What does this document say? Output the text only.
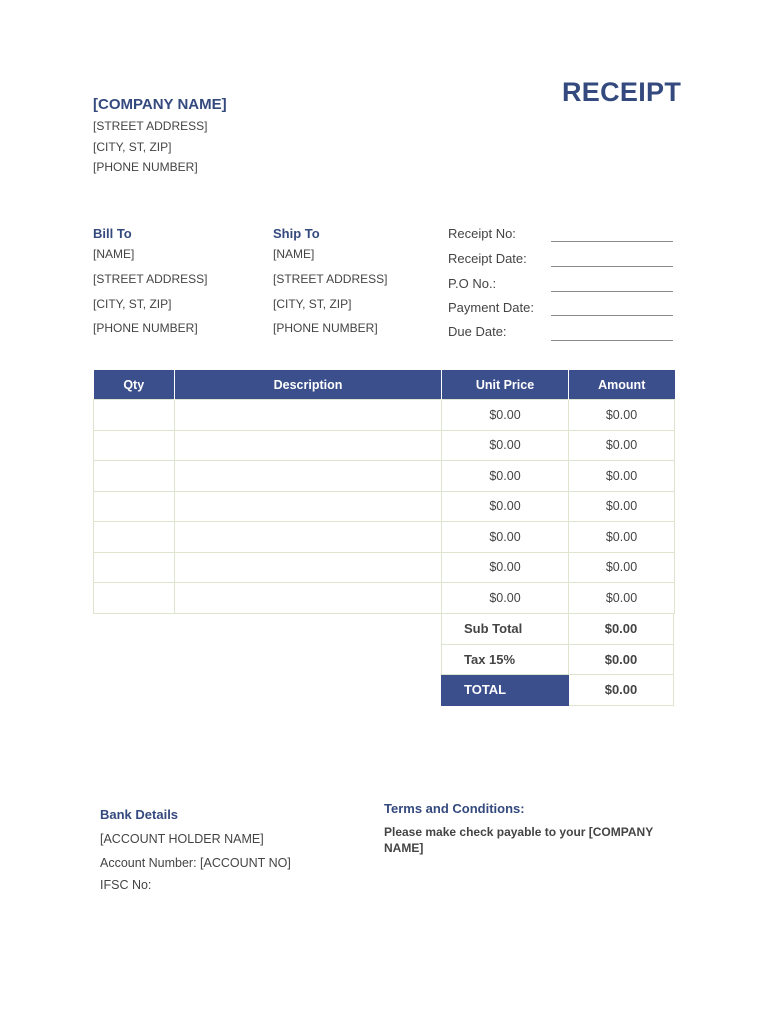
RECEIPT
[COMPANY NAME]
[STREET ADDRESS]
[CITY, ST, ZIP]
[PHONE NUMBER]
Bill To
[NAME]
[STREET ADDRESS]
[CITY, ST, ZIP]
[PHONE NUMBER]
Ship To
[NAME]
[STREET ADDRESS]
[CITY, ST, ZIP]
[PHONE NUMBER]
Receipt No:
Receipt Date:
P.O No.:
Payment Date:
Due Date:
Qty	Description	Unit Price	Amount
		$0.00	$0.00
		$0.00	$0.00
		$0.00	$0.00
		$0.00	$0.00
		$0.00	$0.00
		$0.00	$0.00
		$0.00	$0.00
Sub Total	$0.00
Tax 15%	$0.00
TOTAL	$0.00
Bank Details
[ACCOUNT HOLDER NAME]
Account Number: [ACCOUNT NO]
IFSC No:
Terms and Conditions:
Please make check payable to your [COMPANY NAME]
